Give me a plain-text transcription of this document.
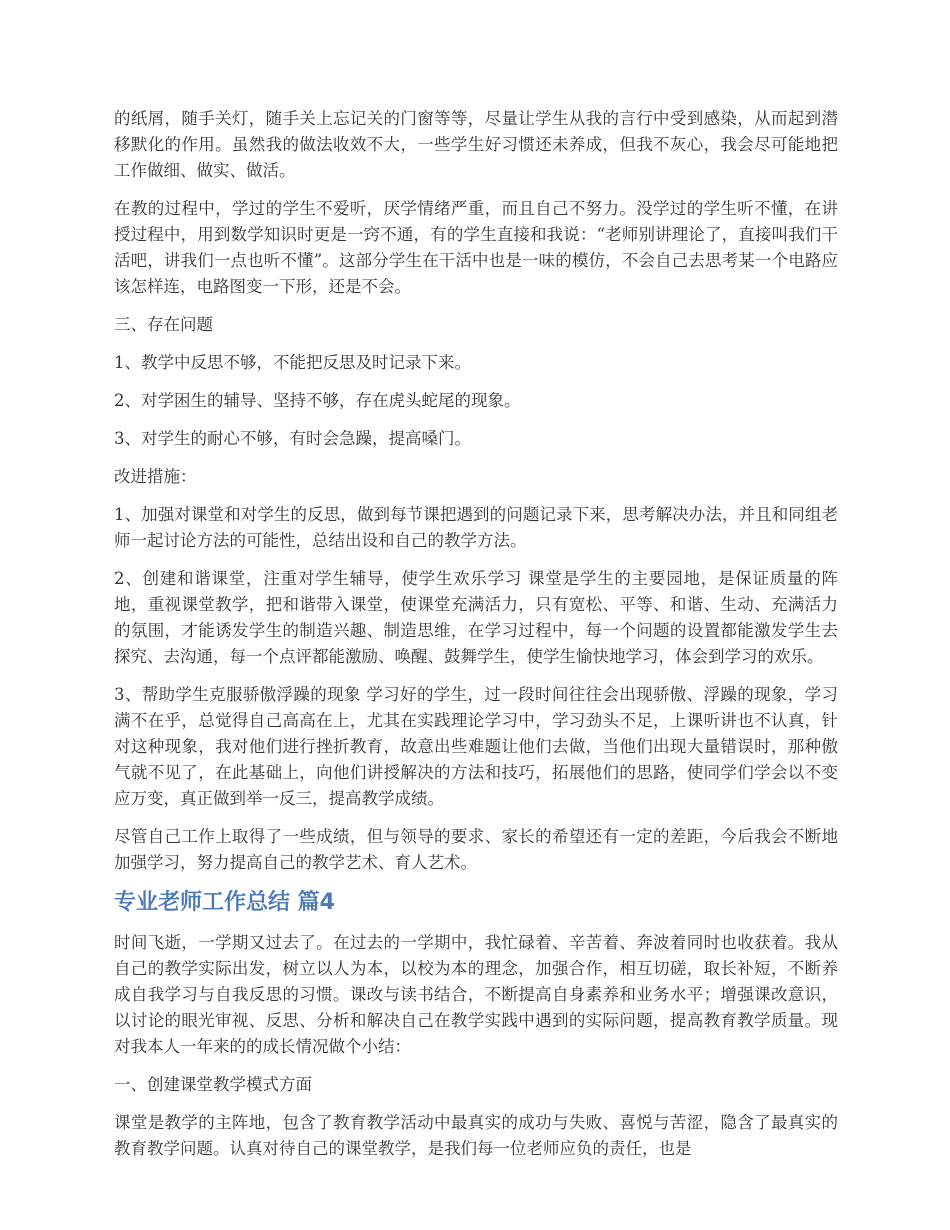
的纸屑，随手关灯，随手关上忘记关的门窗等等，尽量让学生从我的言行中受到感染，从而起到潜移默化的作用。虽然我的做法收效不大，一些学生好习惯还未养成，但我不灰心，我会尽可能地把工作做细、做实、做活。

在教的过程中，学过的学生不爱听，厌学情绪严重，而且自己不努力。没学过的学生听不懂，在讲授过程中，用到数学知识时更是一窍不通，有的学生直接和我说：“老师别讲理论了，直接叫我们干活吧，讲我们一点也听不懂”。这部分学生在干活中也是一味的模仿，不会自己去思考某一个电路应该怎样连，电路图变一下形，还是不会。

三、存在问题

1、教学中反思不够，不能把反思及时记录下来。

2、对学困生的辅导、坚持不够，存在虎头蛇尾的现象。

3、对学生的耐心不够，有时会急躁，提高嗓门。

改进措施：

1、加强对课堂和对学生的反思，做到每节课把遇到的问题记录下来，思考解决办法，并且和同组老师一起讨论方法的可能性，总结出设和自己的教学方法。

2、创建和谐课堂，注重对学生辅导，使学生欢乐学习 课堂是学生的主要园地，是保证质量的阵地，重视课堂教学，把和谐带入课堂，使课堂充满活力，只有宽松、平等、和谐、生动、充满活力的氛围，才能诱发学生的制造兴趣、制造思维，在学习过程中，每一个问题的设置都能激发学生去探究、去沟通，每一个点评都能激励、唤醒、鼓舞学生，使学生愉快地学习，体会到学习的欢乐。

3、帮助学生克服骄傲浮躁的现象 学习好的学生，过一段时间往往会出现骄傲、浮躁的现象，学习满不在乎，总觉得自己高高在上，尤其在实践理论学习中，学习劲头不足，上课听讲也不认真，针对这种现象，我对他们进行挫折教育，故意出些难题让他们去做，当他们出现大量错误时，那种傲气就不见了，在此基础上，向他们讲授解决的方法和技巧，拓展他们的思路，使同学们学会以不变应万变，真正做到举一反三，提高教学成绩。

尽管自己工作上取得了一些成绩，但与领导的要求、家长的希望还有一定的差距，今后我会不断地加强学习，努力提高自己的教学艺术、育人艺术。

专业老师工作总结 篇4

时间飞逝，一学期又过去了。在过去的一学期中，我忙碌着、辛苦着、奔波着同时也收获着。我从自己的教学实际出发，树立以人为本，以校为本的理念，加强合作，相互切磋，取长补短，不断养成自我学习与自我反思的习惯。课改与读书结合，不断提高自身素养和业务水平；增强课改意识，以讨论的眼光审视、反思、分析和解决自己在教学实践中遇到的实际问题，提高教育教学质量。现对我本人一年来的的成长情况做个小结：

一、创建课堂教学模式方面

课堂是教学的主阵地，包含了教育教学活动中最真实的成功与失败、喜悦与苦涩，隐含了最真实的教育教学问题。认真对待自己的课堂教学，是我们每一位老师应负的责任，也是
